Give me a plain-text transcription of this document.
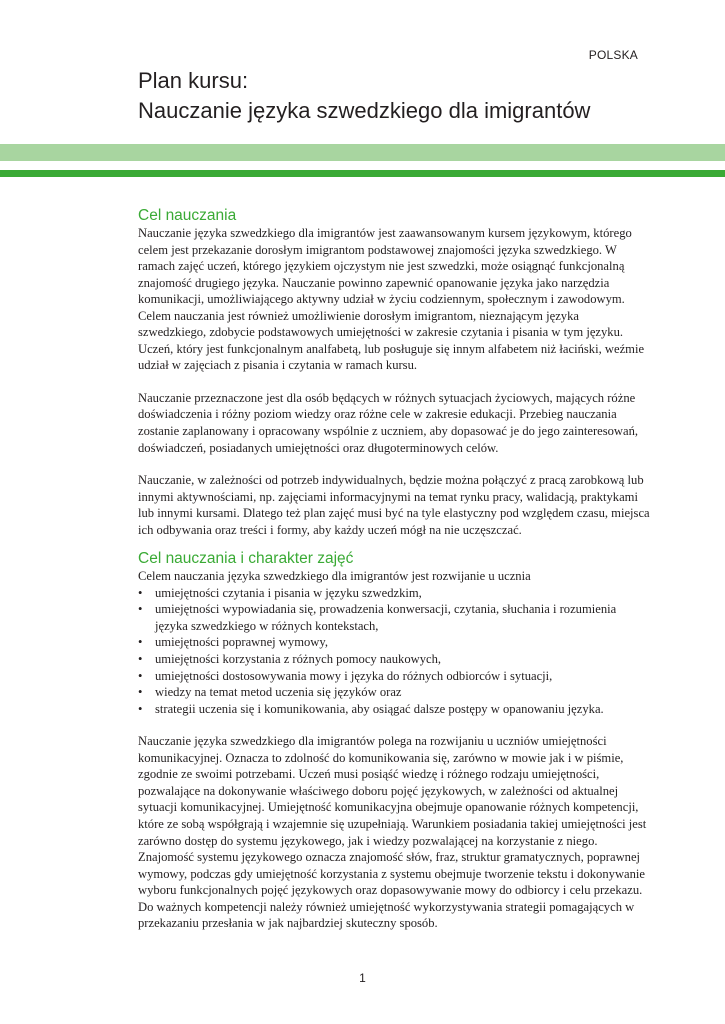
POLSKA
Plan kursu:
Nauczanie języka szwedzkiego dla imigrantów
Cel nauczania

Nauczanie języka szwedzkiego dla imigrantów jest zaawansowanym kursem językowym, którego celem jest przekazanie dorosłym imigrantom podstawowej znajomości języka szwedzkiego. W ramach zajęć uczeń, którego językiem ojczystym nie jest szwedzki, może osiągnąć funkcjonalną znajomość drugiego języka. Nauczanie powinno zapewnić opanowanie języka jako narzędzia komunikacji, umożliwiającego aktywny udział w życiu codziennym, społecznym i zawodowym. Celem nauczania jest również umożliwienie dorosłym imigrantom, nieznającym języka szwedzkiego, zdobycie podstawowych umiejętności w zakresie czytania i pisania w tym języku. Uczeń, który jest funkcjonalnym analfabetą, lub posługuje się innym alfabetem niż łaciński, weźmie udział w zajęciach z pisania i czytania w ramach kursu.

Nauczanie przeznaczone jest dla osób będących w różnych sytuacjach życiowych, mających różne doświadczenia i różny poziom wiedzy oraz różne cele w zakresie edukacji. Przebieg nauczania zostanie zaplanowany i opracowany wspólnie z uczniem, aby dopasować je do jego zainteresowań, doświadczeń, posiadanych umiejętności oraz długoterminowych celów.

Nauczanie, w zależności od potrzeb indywidualnych, będzie można połączyć z pracą zarobkową lub innymi aktywnościami, np. zajęciami informacyjnymi na temat rynku pracy, walidacją, praktykami lub innymi kursami. Dlatego też plan zajęć musi być na tyle elastyczny pod względem czasu, miejsca ich odbywania oraz treści i formy, aby każdy uczeń mógł na nie uczęszczać.

Cel nauczania i charakter zajęć

Celem nauczania języka szwedzkiego dla imigrantów jest rozwijanie u ucznia

• umiejętności czytania i pisania w języku szwedzkim,
• umiejętności wypowiadania się, prowadzenia konwersacji, czytania, słuchania i rozumienia języka szwedzkiego w różnych kontekstach,
• umiejętności poprawnej wymowy,
• umiejętności korzystania z różnych pomocy naukowych,
• umiejętności dostosowywania mowy i języka do różnych odbiorców i sytuacji,
• wiedzy na temat metod uczenia się języków oraz
• strategii uczenia się i komunikowania, aby osiągać dalsze postępy w opanowaniu języka.

Nauczanie języka szwedzkiego dla imigrantów polega na rozwijaniu u uczniów umiejętności komunikacyjnej. Oznacza to zdolność do komunikowania się, zarówno w mowie jak i w piśmie, zgodnie ze swoimi potrzebami. Uczeń musi posiąść wiedzę i różnego rodzaju umiejętności, pozwalające na dokonywanie właściwego doboru pojęć językowych, w zależności od aktualnej sytuacji komunikacyjnej. Umiejętność komunikacyjna obejmuje opanowanie różnych kompetencji, które ze sobą współgrają i wzajemnie się uzupełniają. Warunkiem posiadania takiej umiejętności jest zarówno dostęp do systemu językowego, jak i wiedzy pozwalającej na korzystanie z niego. Znajomość systemu językowego oznacza znajomość słów, fraz, struktur gramatycznych, poprawnej wymowy, podczas gdy umiejętność korzystania z systemu obejmuje tworzenie tekstu i dokonywanie wyboru funkcjonalnych pojęć językowych oraz dopasowywanie mowy do odbiorcy i celu przekazu. Do ważnych kompetencji należy również umiejętność wykorzystywania strategii pomagających w przekazaniu przesłania w jak najbardziej skuteczny sposób.

1
